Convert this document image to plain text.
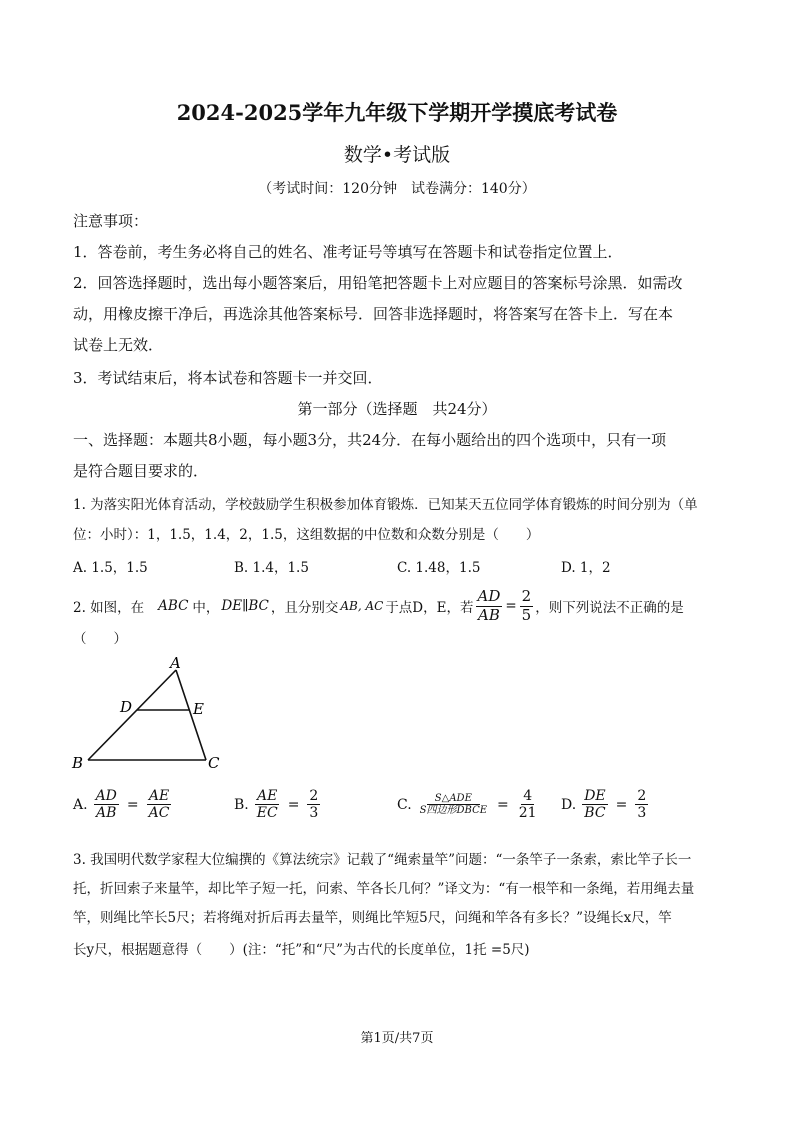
2024-2025学年九年级下学期开学摸底考试卷
数学•考试版
（考试时间：120分钟　试卷满分：140分）
注意事项：
1．答卷前，考生务必将自己的姓名、准考证号等填写在答题卡和试卷指定位置上．
2．回答选择题时，选出每小题答案后，用铅笔把答题卡上对应题目的答案标号涂黑．如需改
动，用橡皮擦干净后，再选涂其他答案标号．回答非选择题时，将答案写在答卡上．写在本
试卷上无效．
3．考试结束后，将本试卷和答题卡一并交回．
第一部分（选择题　共24分）
一、选择题：本题共8小题，每小题3分，共24分．在每小题给出的四个选项中，只有一项
是符合题目要求的．
1. 为落实阳光体育活动，学校鼓励学生积极参加体育锻炼．已知某天五位同学体育锻炼的时间分别为（单
位：小时）：1，1.5，1.4，2，1.5，这组数据的中位数和众数分别是（　　）
A. 1.5，1.5	B. 1.4，1.5	C. 1.48，1.5	D. 1，2
2. 如图，在 ABC 中， DE∥BC ，且分别交 AB, AC 于点D，E，若 $\frac{AD}{AB} = \frac{2}{5}$ ，则下列说法不正确的是
（　　）
A
B	C
D	E
A. $\frac{AD}{AB} = \frac{AE}{AC}$	B. $\frac{AE}{EC} = \frac{2}{3}$	C. $\frac{\text{S△ADE}}{\text{S四边形DBCE}} = \frac{4}{21} D$. $\frac{DE}{BC} = \frac{2}{3}$
3. 我国明代数学家程大位编撰的《算法统宗》记载了“绳索量竿”问题：“一条竿子一条索，索比竿子长一
托，折回索子来量竿，却比竿子短一托，问索、竿各长几何？”译文为：“有一根竿和一条绳，若用绳去量
竿，则绳比竿长5尺；若将绳对折后再去量竿，则绳比竿短5尺，问绳和竿各有多长？”设绳长x尺，竿
长y尺，根据题意得（　　）(注：“托”和“尺”为古代的长度单位，1托 =5尺)
第1页/共7页
